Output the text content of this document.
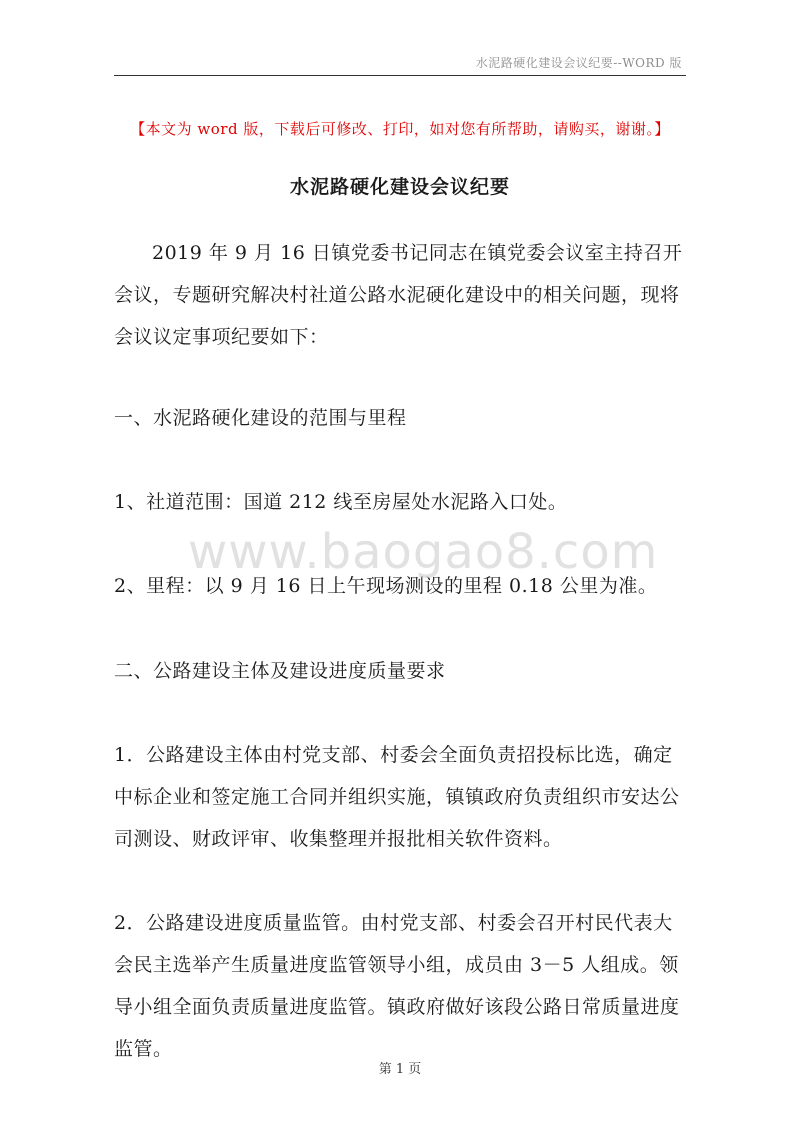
水泥路硬化建设会议纪要--WORD 版
【本文为 word 版，下载后可修改、打印，如对您有所帮助，请购买，谢谢。】
水泥路硬化建设会议纪要
2019 年 9 月 16 日镇党委书记同志在镇党委会议室主持召开会议，专题研究解决村社道公路水泥硬化建设中的相关问题，现将会议议定事项纪要如下：
一、水泥路硬化建设的范围与里程
1、社道范围：国道 212 线至房屋处水泥路入口处。
2、里程：以 9 月 16 日上午现场测设的里程 0.18 公里为准。
二、公路建设主体及建设进度质量要求
1．公路建设主体由村党支部、村委会全面负责招投标比选，确定中标企业和签定施工合同并组织实施，镇镇政府负责组织市安达公司测设、财政评审、收集整理并报批相关软件资料。
2．公路建设进度质量监管。由村党支部、村委会召开村民代表大会民主选举产生质量进度监管领导小组，成员由 3－5 人组成。领导小组全面负责质量进度监管。镇政府做好该段公路日常质量进度监管。
www.baogao8.com
第 1 页
